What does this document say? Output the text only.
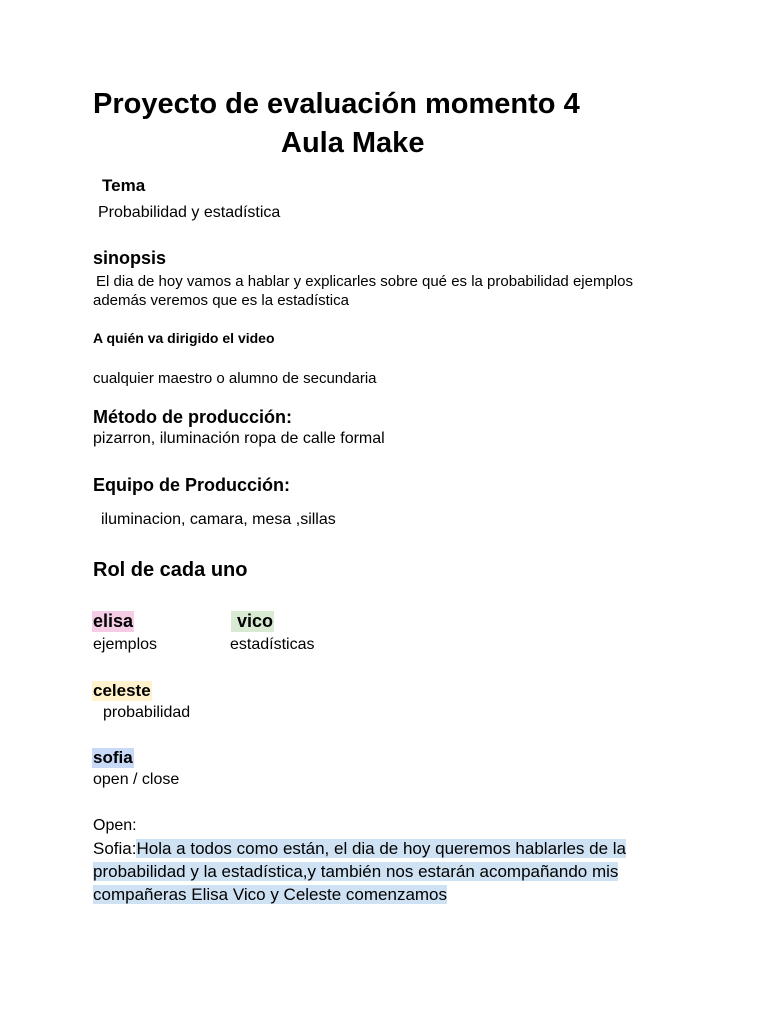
Proyecto de evaluación momento 4
Aula Make
Tema
Probabilidad y estadística
sinopsis
El dia de hoy vamos a hablar y explicarles sobre qué es la probabilidad ejemplos
además veremos que es la estadística
A quién va dirigido el video
cualquier maestro o alumno de secundaria
Método de producción:
pizarron, iluminación ropa de calle formal
Equipo de Producción:
iluminacion, camara, mesa ,sillas
Rol de cada uno
elisa	vico
ejemplos	estadísticas
celeste
probabilidad
sofia
open / close
Open:
Sofia:Hola a todos como están, el dia de hoy queremos hablarles de la
probabilidad y la estadística,y también nos estarán acompañando mis
compañeras Elisa Vico y Celeste comenzamos
